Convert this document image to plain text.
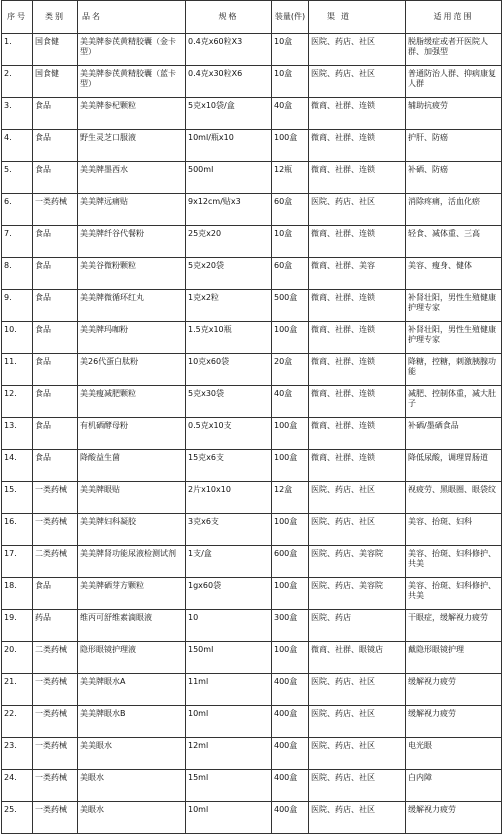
序号	类别	品名	规格	装量(件)	渠道	适用范围
1.	国食健	美美牌参芪黄精胶囊（金卡型）	0.4克x60粒X3	10盒	医院、药店、社区	脱脂缓症或者开医院人群、加强型
2.	国食健	美美牌参芪黄精胶囊（蓝卡型）	0.4克x30粒X6	10盒	医院、药店、社区	普通防治人群、抑病康复人群
3.	食品	美美牌参杞颗粒	5克x10袋/盒	40盒	微商、社群、连锁	辅助抗疲劳
4.	食品	野生灵芝口服液	10ml/瓶x10	100盒	微商、社群、连锁	护肝、防癌
5.	食品	美美牌墨西水	500ml	12瓶	微商、社群、连锁	补硒、防癌
6.	一类药械	美美牌远痛贴	9x12cm/贴x3	60盒	医院、药店、社区	消除疼痛，活血化瘀
7.	食品	美美牌纤谷代餐粉	25克x20	10盒	微商、社群、连锁	轻食、减体重、三高
8.	食品	美美谷微粉颗粒	5克x20袋	60盒	微商、社群、美容	美容、瘦身、健体
9.	食品	美美牌微循环红丸	1克x2粒	500盒	微商、社群、连锁	补肾壮阳，男性生殖健康护理专家
10.	食品	美美牌玛咖粉	1.5克x10瓶	100盒	微商、社群、连锁	补肾壮阳，男性生殖健康护理专家
11.	食品	美26代蛋白肽粉	10克x60袋	20盒	微商、社群、连锁	降糖，控糖，刺激胰腺功能
12.	食品	美美瘦减肥颗粒	5克x30袋	40盒	微商、社群、连锁	减肥、控制体重，减大肚子
13.	食品	有机硒酵母粉	0.5克x10支	100盒	微商、社群、连锁	补硒/墨硒食品
14.	食品	降酸益生菌	15克x6支	100盒	微商、社群、连锁	降低尿酸，调理胃肠道
15.	一类药械	美美牌眼贴	2片x10x10	12盒	医院、药店、社区	视疲劳、黑眼圈、眼袋纹
16.	一类药械	美美牌妇科凝胶	3克x6支	100盒	医院、药店、社区	美容、抬斑、妇科
17.	二类药械	美美牌肾功能尿液检测试剂	1支/盒	600盒	医院、药店、美容院	美容、抬斑、妇科修护、共美
18.	食品	美美牌硒芽方颗粒	1gx60袋	100盒	医院、药店、美容院	美容、抬斑、妇科修护、共美
19.	药品	维丙可舒维素滴眼液	10	300盒	医院、药店	干眼症，缓解视力疲劳
20.	二类药械	隐形眼镜护理液	150ml	100盒	微商、社群、眼镜店	戴隐形眼镜护理
21.	一类药械	美美牌眼水A	11ml	400盒	医院、药店、社区	缓解视力疲劳
22.	一类药械	美美牌眼水B	10ml	400盒	医院、药店、社区	缓解视力疲劳
23.	一类药械	美美眼水	12ml	400盒	医院、药店、社区	电光眼
24.	一类药械	美眼水	15ml	400盒	医院、药店、社区	白内障
25.	一类药械	美眼水	10ml	400盒	医院、药店、社区	缓解视力疲劳
